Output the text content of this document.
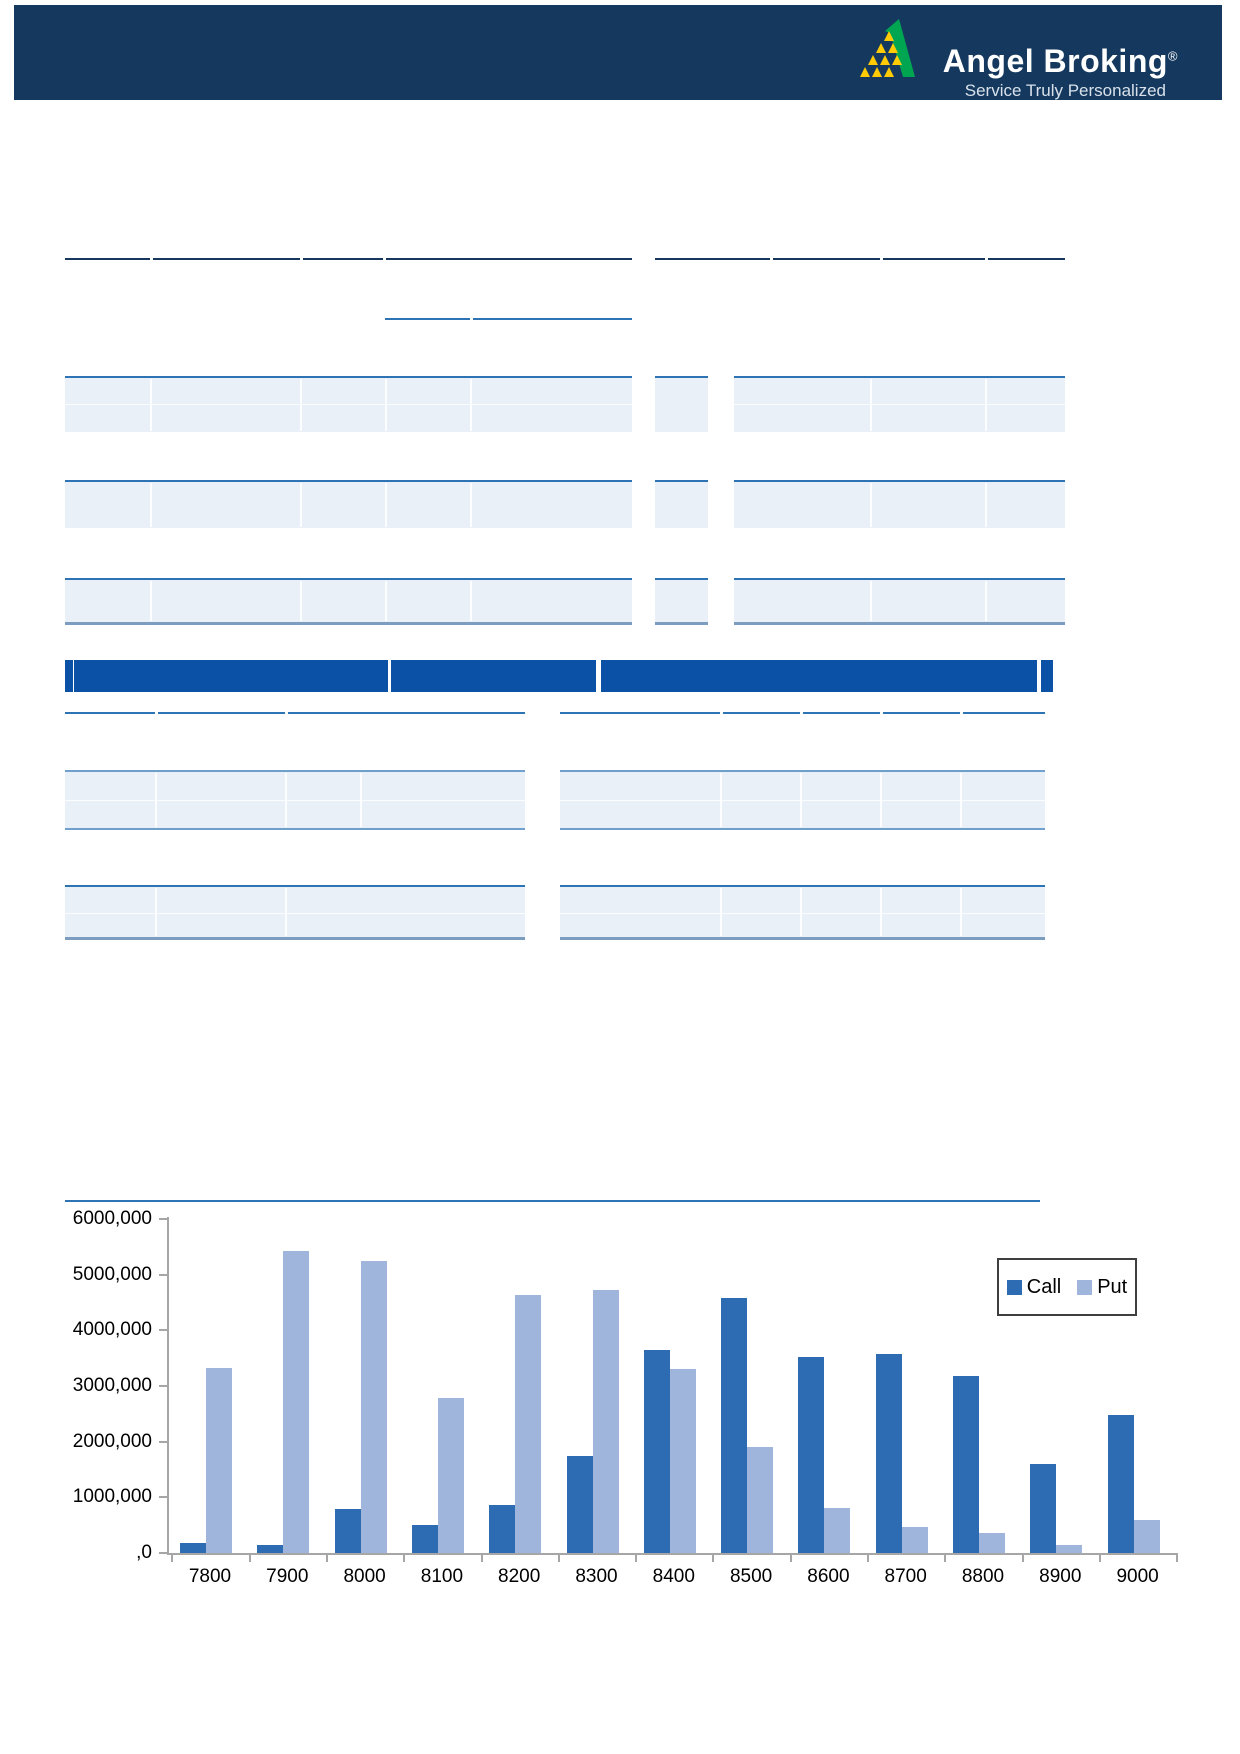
Angel Broking®
Service Truly Personalized
6000,000
5000,000
4000,000
3000,000
2000,000
1000,000
,0
7800	7900	8000	8100	8200	8300	8400	8500	8600	8700	8800	8900	9000
Call Put
